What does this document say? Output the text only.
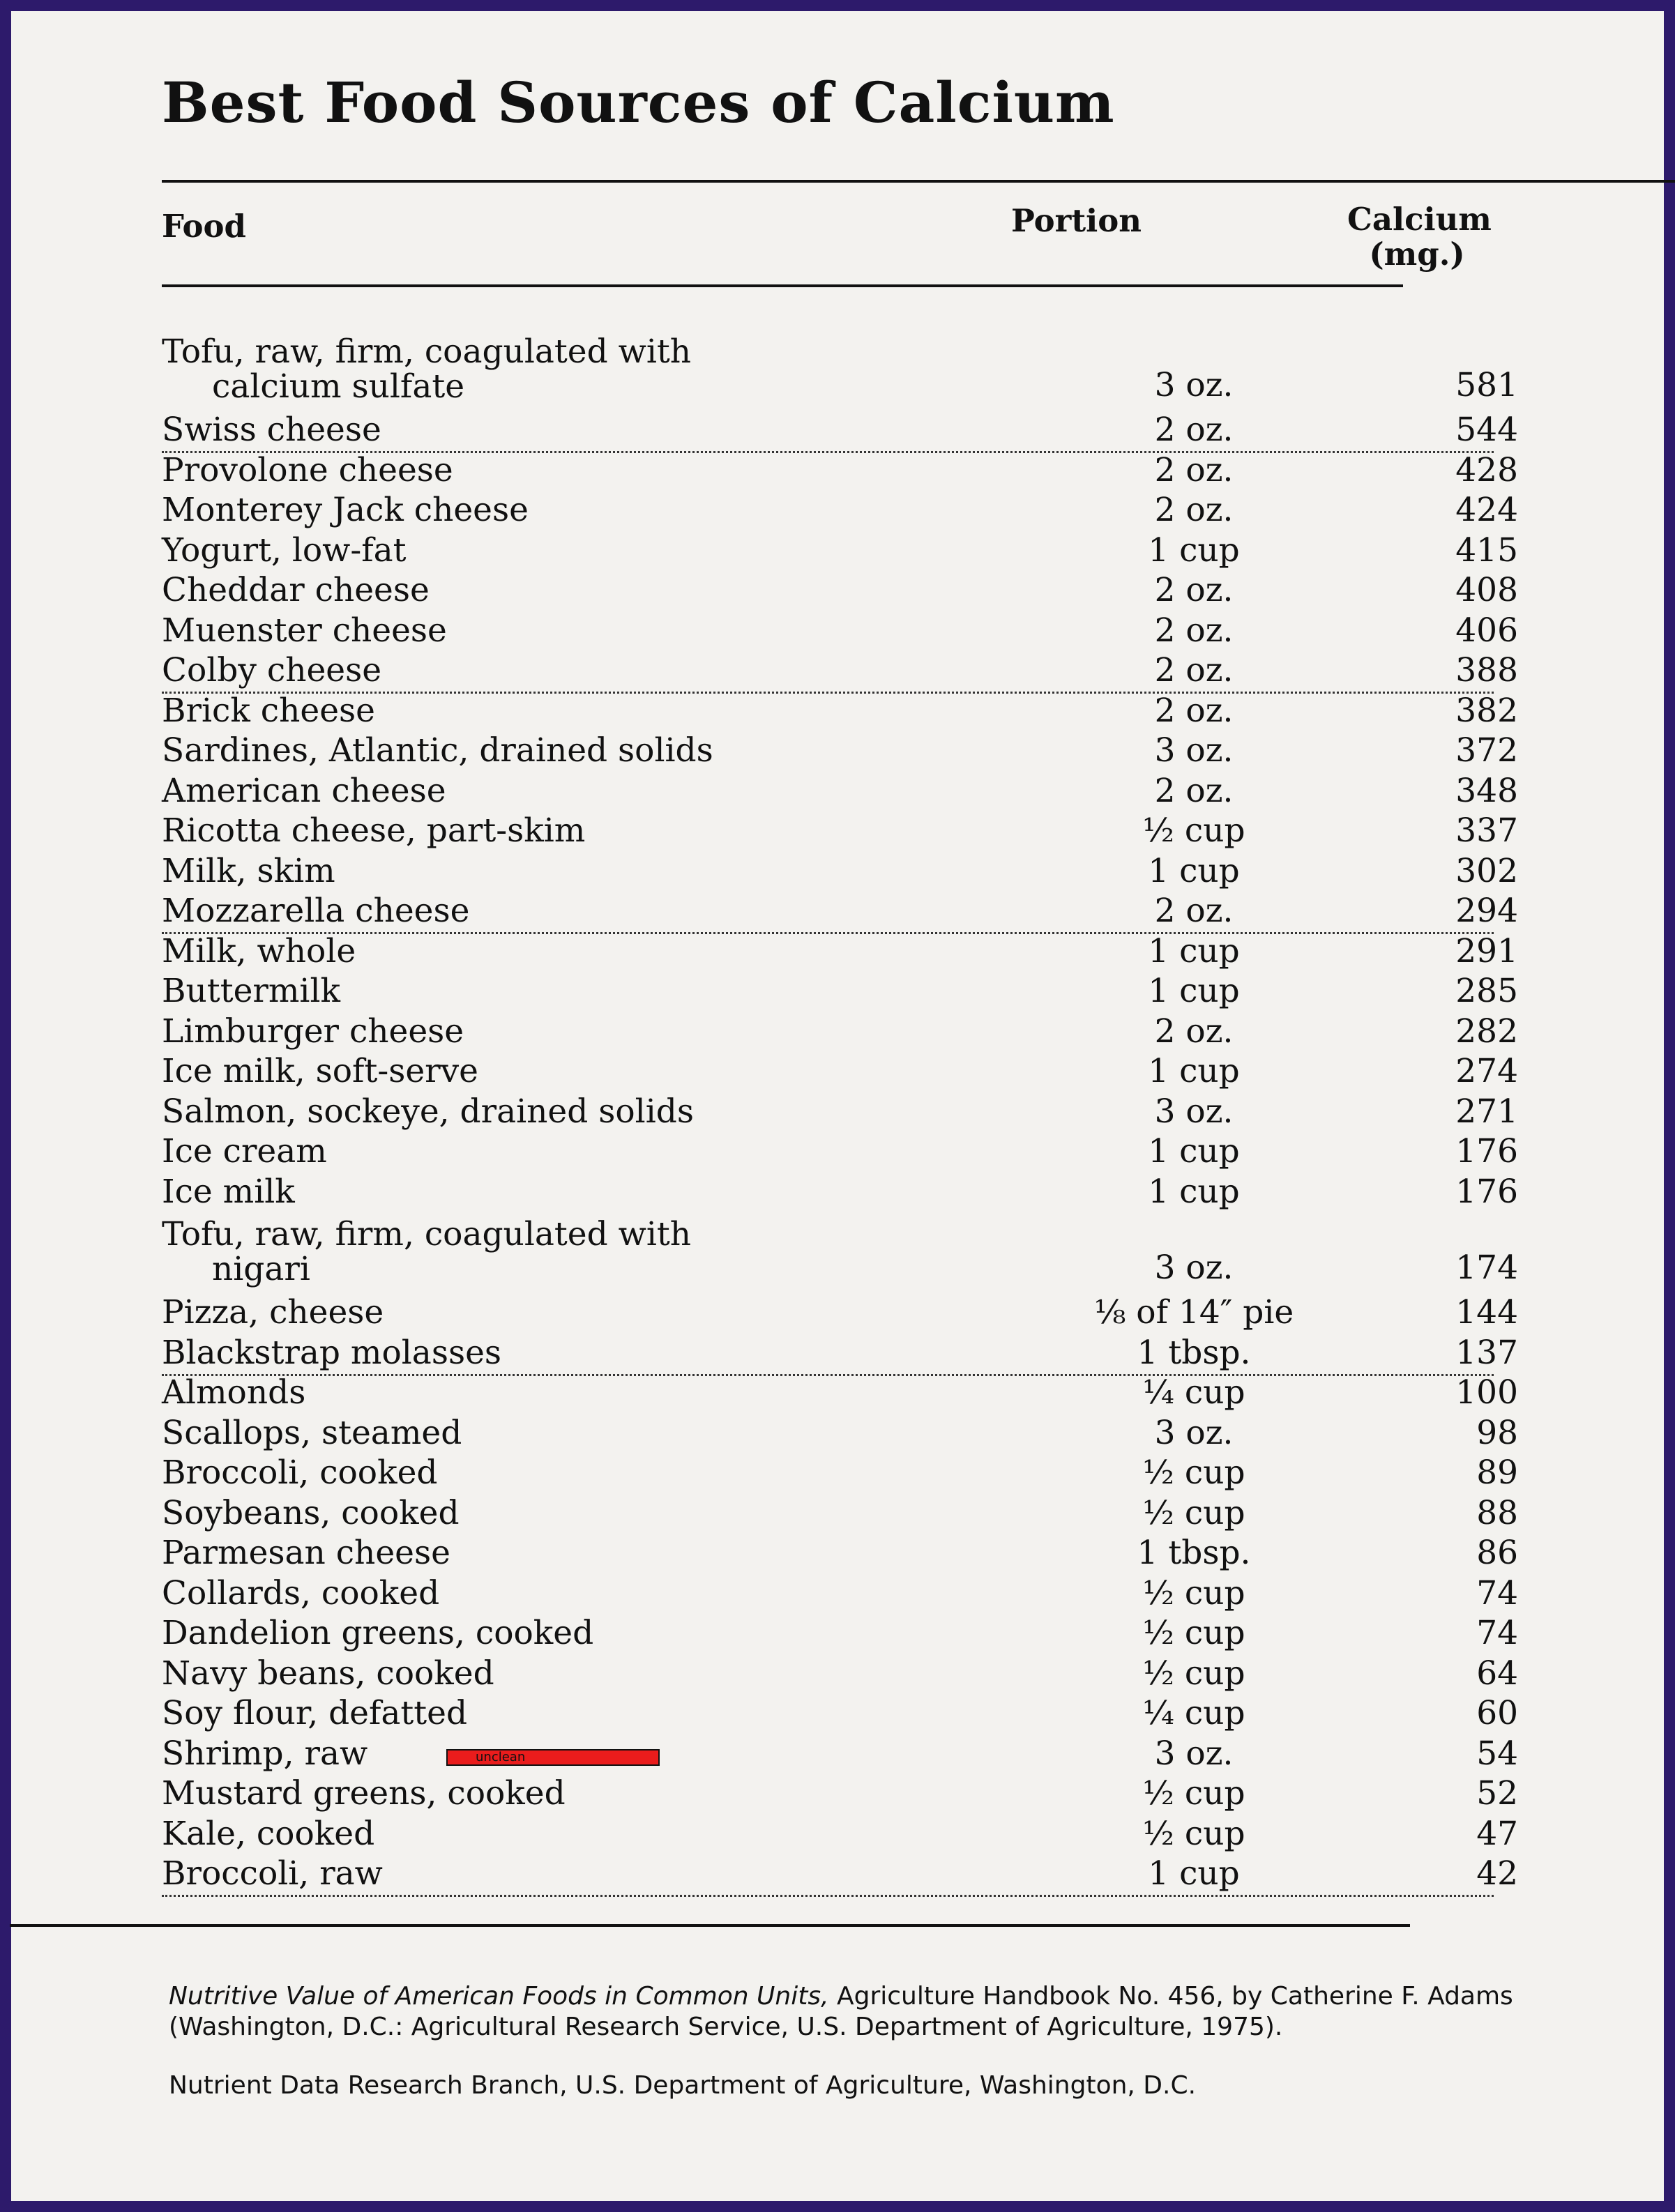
Best Food Sources of Calcium
Food	Portion	Calcium
(mg.)
Tofu, raw, firm, coagulated with
calcium sulfate	3 oz.	581
Swiss cheese	2 oz.	544
Provolone cheese	2 oz.	428
Monterey Jack cheese	2 oz.	424
Yogurt, low-fat	1 cup	415
Cheddar cheese	2 oz.	408
Muenster cheese	2 oz.	406
Colby cheese	2 oz.	388
Brick cheese	2 oz.	382
Sardines, Atlantic, drained solids	3 oz.	372
American cheese	2 oz.	348
Ricotta cheese, part-skim	½ cup	337
Milk, skim	1 cup	302
Mozzarella cheese	2 oz.	294
Milk, whole	1 cup	291
Buttermilk	1 cup	285
Limburger cheese	2 oz.	282
Ice milk, soft-serve	1 cup	274
Salmon, sockeye, drained solids	3 oz.	271
Ice cream	1 cup	176
Ice milk	1 cup	176
Tofu, raw, firm, coagulated with
nigari	3 oz.	174
Pizza, cheese	⅛ of 14″ pie	144
Blackstrap molasses	1 tbsp.	137
Almonds	¼ cup	100
Scallops, steamed	3 oz.	98
Broccoli, cooked	½ cup	89
Soybeans, cooked	½ cup	88
Parmesan cheese	1 tbsp.	86
Collards, cooked	½ cup	74
Dandelion greens, cooked	½ cup	74
Navy beans, cooked	½ cup	64
Soy flour, defatted	¼ cup	60
Shrimp, raw	3 oz.	54
unclean
Mustard greens, cooked	½ cup	52
Kale, cooked	½ cup	47
Broccoli, raw	1 cup	42
Nutritive Value of American Foods in Common Units, Agriculture Handbook No. 456, by Catherine F. Adams (Washington, D.C.: Agricultural Research Service, U.S. Department of Agriculture, 1975).
Nutrient Data Research Branch, U.S. Department of Agriculture, Washington, D.C.
